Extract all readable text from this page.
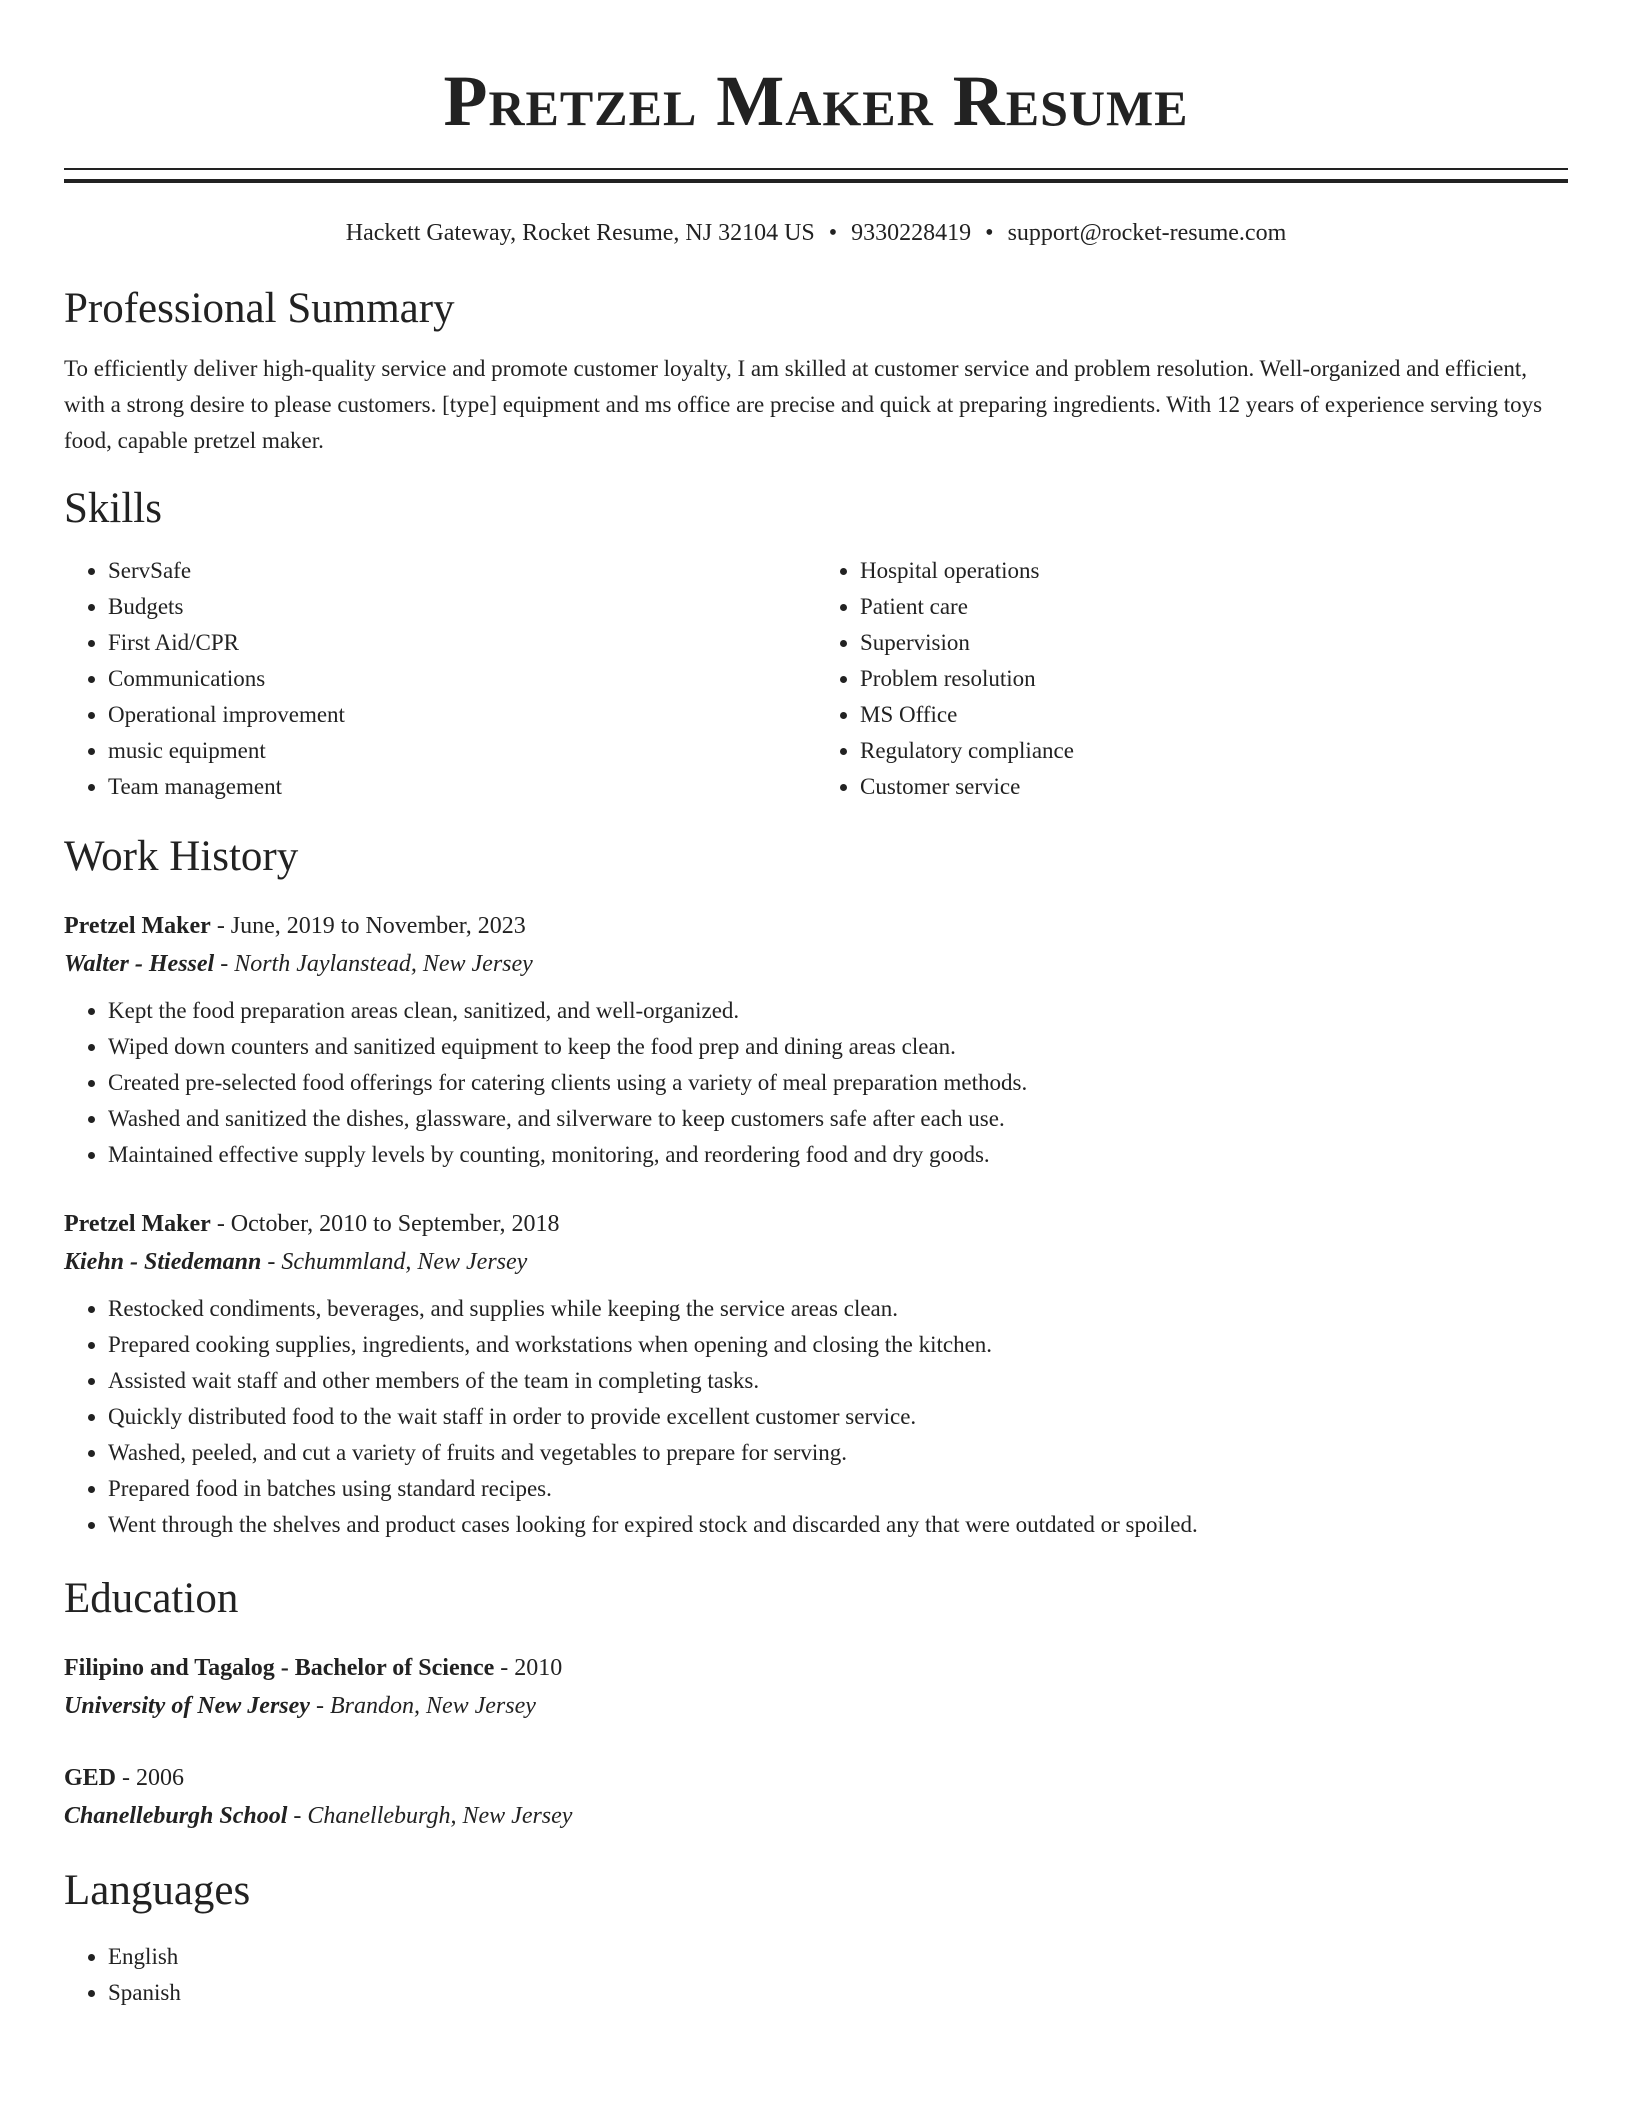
Pretzel Maker Resume
Hackett Gateway, Rocket Resume, NJ 32104 US • 9330228419 • support@rocket-resume.com
Professional Summary
To efficiently deliver high-quality service and promote customer loyalty, I am skilled at customer service and problem resolution. Well-organized and efficient, with a strong desire to please customers. [type] equipment and ms office are precise and quick at preparing ingredients. With 12 years of experience serving toys food, capable pretzel maker.
Skills
• ServSafe
• Budgets
• First Aid/CPR
• Communications
• Operational improvement
• music equipment
• Team management
• Hospital operations
• Patient care
• Supervision
• Problem resolution
• MS Office
• Regulatory compliance
• Customer service
Work History
Pretzel Maker - June, 2019 to November, 2023
Walter - Hessel - North Jaylanstead, New Jersey
• Kept the food preparation areas clean, sanitized, and well-organized.
• Wiped down counters and sanitized equipment to keep the food prep and dining areas clean.
• Created pre-selected food offerings for catering clients using a variety of meal preparation methods.
• Washed and sanitized the dishes, glassware, and silverware to keep customers safe after each use.
• Maintained effective supply levels by counting, monitoring, and reordering food and dry goods.
Pretzel Maker - October, 2010 to September, 2018
Kiehn - Stiedemann - Schummland, New Jersey
• Restocked condiments, beverages, and supplies while keeping the service areas clean.
• Prepared cooking supplies, ingredients, and workstations when opening and closing the kitchen.
• Assisted wait staff and other members of the team in completing tasks.
• Quickly distributed food to the wait staff in order to provide excellent customer service.
• Washed, peeled, and cut a variety of fruits and vegetables to prepare for serving.
• Prepared food in batches using standard recipes.
• Went through the shelves and product cases looking for expired stock and discarded any that were outdated or spoiled.
Education
Filipino and Tagalog - Bachelor of Science - 2010
University of New Jersey - Brandon, New Jersey
GED - 2006
Chanelleburgh School - Chanelleburgh, New Jersey
Languages
• English
• Spanish
